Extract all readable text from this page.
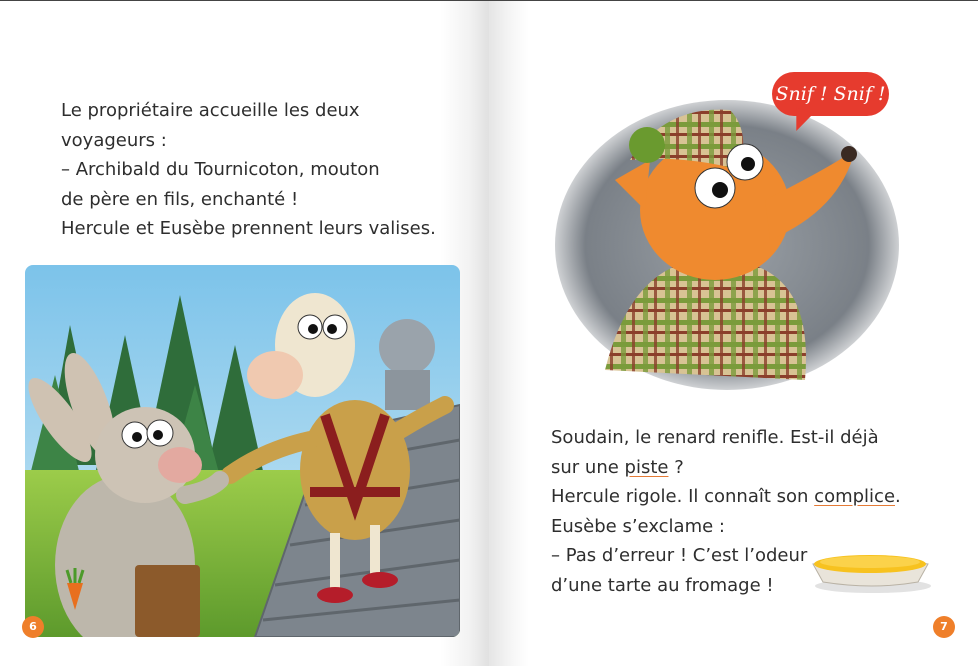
Le propriétaire accueille les deux
voyageurs :
– Archibald du Tournicoton, mouton
de père en fils, enchanté !
Hercule et Eusèbe prennent leurs valises.

6
Snif ! Snif !

Soudain, le renard renifle. Est-il déjà
sur une piste ?
Hercule rigole. Il connaît son complice.
Eusèbe s’exclame :
– Pas d’erreur ! C’est l’odeur
d’une tarte au fromage !

7
